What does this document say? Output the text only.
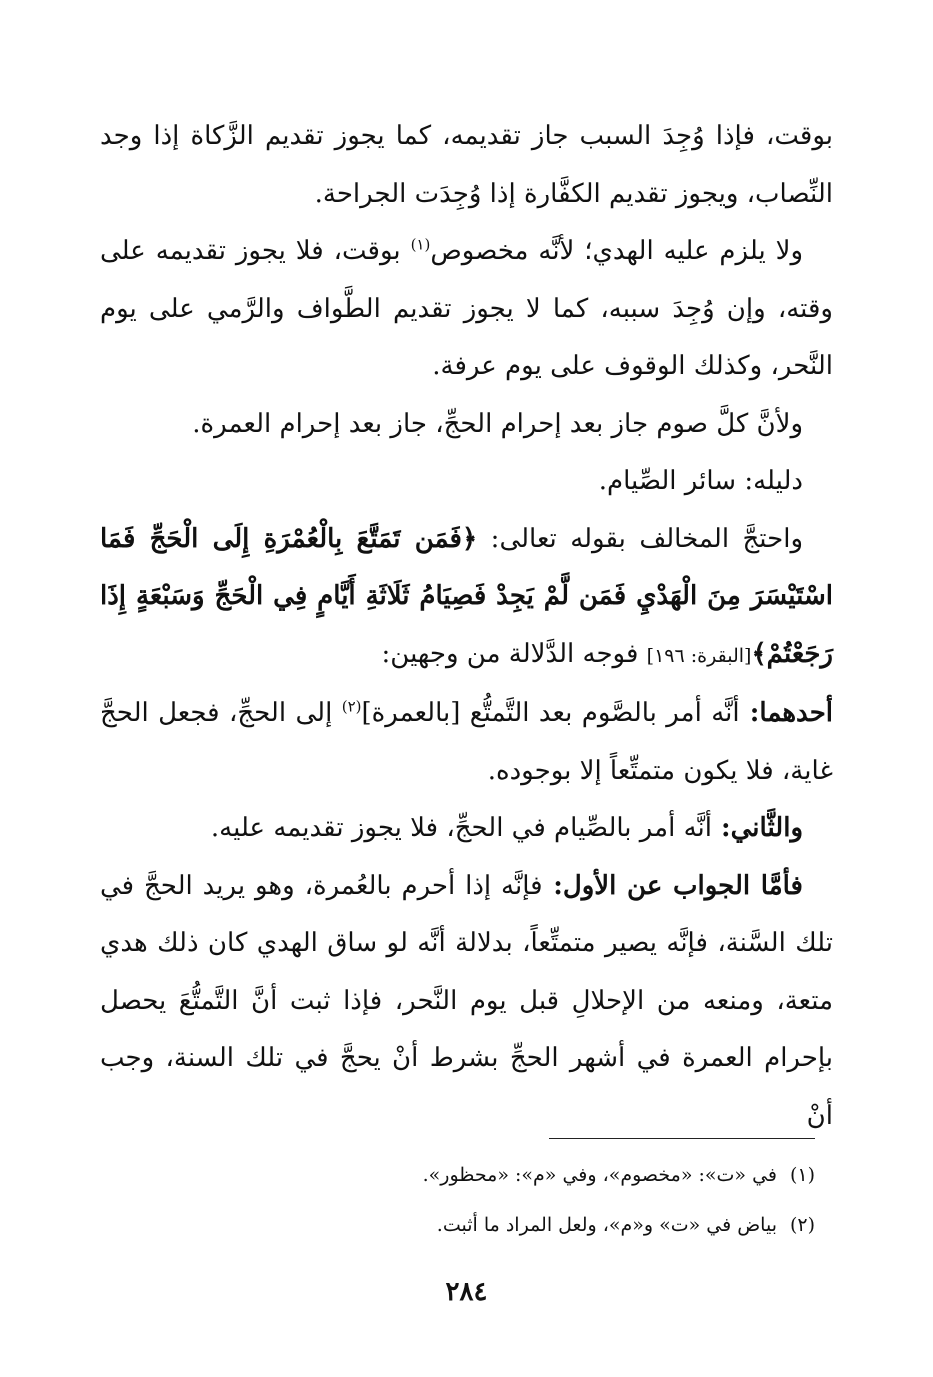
بوقت، فإذا وُجِدَ السبب جاز تقديمه، كما يجوز تقديم الزَّكاة إذا وجد النِّصاب، ويجوز تقديم الكفَّارة إذا وُجِدَت الجراحة.

ولا يلزم عليه الهدي؛ لأنَّه مخصوص$^{(١)}$ بوقت، فلا يجوز تقديمه على وقته، وإن وُجِدَ سببه، كما لا يجوز تقديم الطَّواف والرَّمي على يوم النَّحر، وكذلك الوقوف على يوم عرفة.

ولأنَّ كلَّ صوم جاز بعد إحرام الحجِّ، جاز بعد إحرام العمرة.

دليله: سائر الصِّيام.

واحتجَّ المخالف بقوله تعالى: ﴿فَمَن تَمَتَّعَ بِالْعُمْرَةِ إِلَى الْحَجِّ فَمَا اسْتَيْسَرَ مِنَ الْهَدْيِ فَمَن لَّمْ يَجِدْ فَصِيَامُ ثَلَاثَةِ أَيَّامٍ فِي الْحَجِّ وَسَبْعَةٍ إِذَا رَجَعْتُمْ﴾[البقرة: ١٩٦] فوجه الدَّلالة من وجهين:

أحدهما: أنَّه أمر بالصَّوم بعد التَّمتُّع [بالعمرة]$^{(٢)}$ إلى الحجِّ، فجعل الحجَّ غاية، فلا يكون متمتِّعاً إلا بوجوده.

والثَّاني: أنَّه أمر بالصِّيام في الحجِّ، فلا يجوز تقديمه عليه.

فأمَّا الجواب عن الأول: فإنَّه إذا أحرم بالعُمرة، وهو يريد الحجَّ في تلك السَّنة، فإنَّه يصير متمتِّعاً، بدلالة أنَّه لو ساق الهدي كان ذلك هدي متعة، ومنعه من الإحلالِ قبل يوم النَّحر، فإذا ثبت أنَّ التَّمتُّعَ يحصل بإحرام العمرة في أشهر الحجِّ بشرط أنْ يحجَّ في تلك السنة، وجب أنْ

(١)في «ت»: «مخصوم»، وفي «م»: «محظور».
(٢)بياض في «ت» و«م»، ولعل المراد ما أثبت.
٢٨٤
